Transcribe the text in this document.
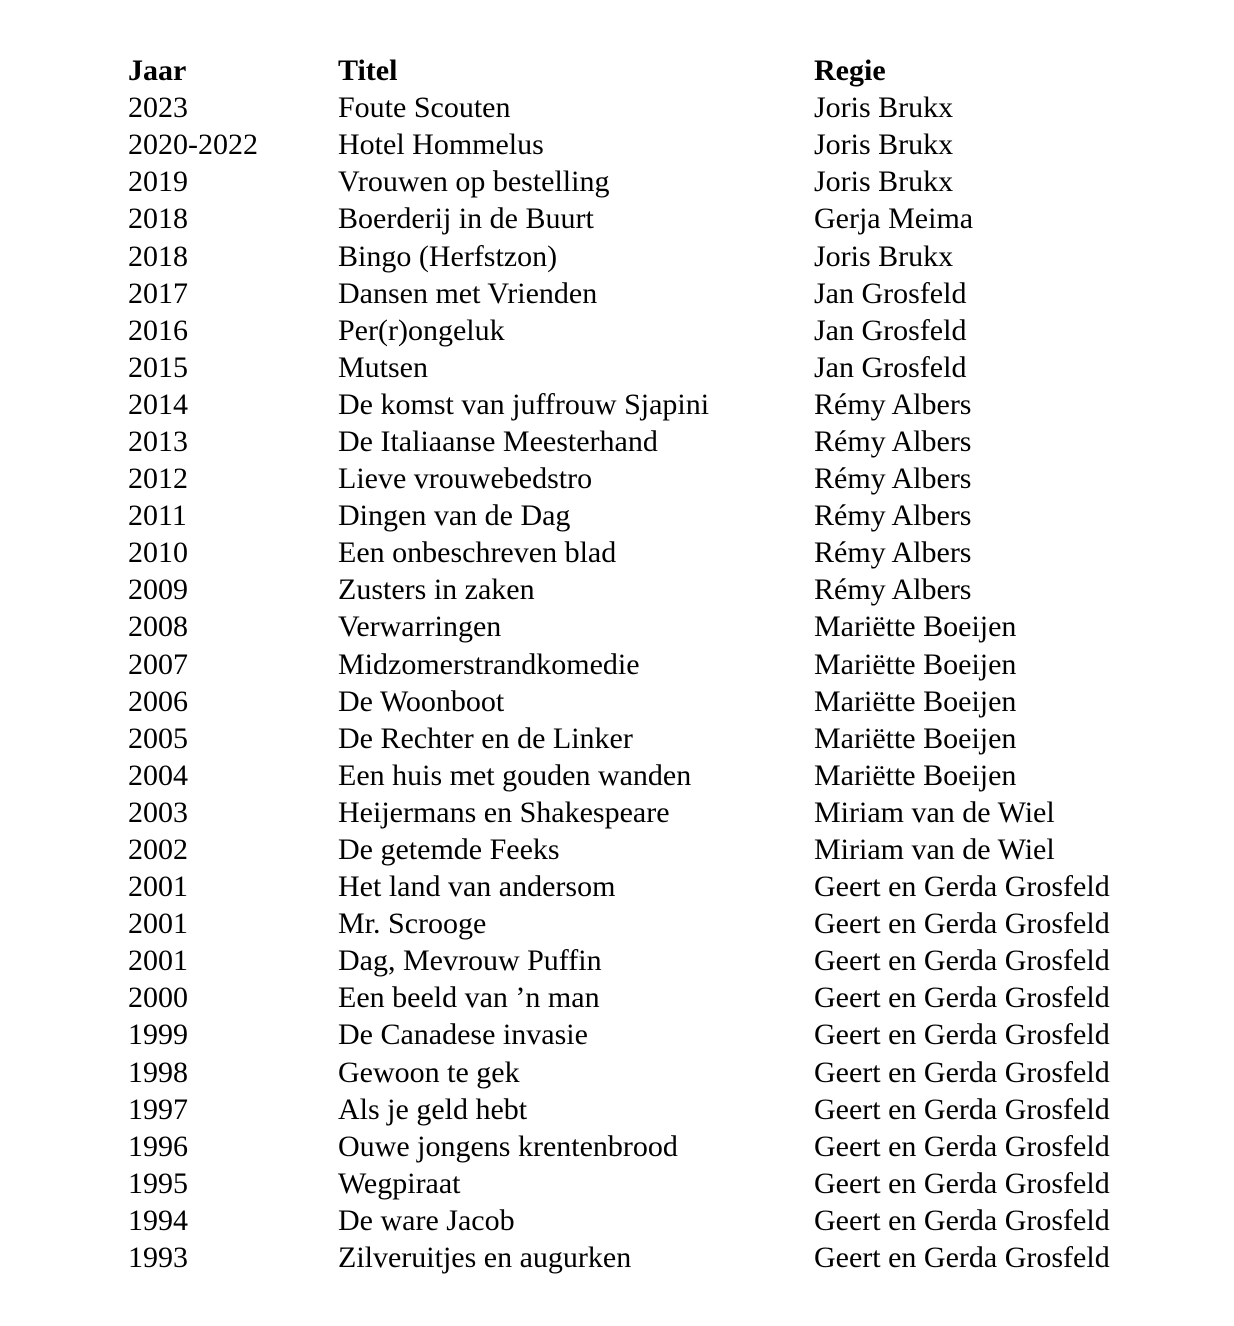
Jaar	Titel	Regie
2023	Foute Scouten	Joris Brukx
2020-2022	Hotel Hommelus	Joris Brukx
2019	Vrouwen op bestelling	Joris Brukx
2018	Boerderij in de Buurt	Gerja Meima
2018	Bingo (Herfstzon)	Joris Brukx
2017	Dansen met Vrienden	Jan Grosfeld
2016	Per(r)ongeluk	Jan Grosfeld
2015	Mutsen	Jan Grosfeld
2014	De komst van juffrouw Sjapini	Rémy Albers
2013	De Italiaanse Meesterhand	Rémy Albers
2012	Lieve vrouwebedstro	Rémy Albers
2011	Dingen van de Dag	Rémy Albers
2010	Een onbeschreven blad	Rémy Albers
2009	Zusters in zaken	Rémy Albers
2008	Verwarringen	Mariëtte Boeijen
2007	Midzomerstrandkomedie	Mariëtte Boeijen
2006	De Woonboot	Mariëtte Boeijen
2005	De Rechter en de Linker	Mariëtte Boeijen
2004	Een huis met gouden wanden	Mariëtte Boeijen
2003	Heijermans en Shakespeare	Miriam van de Wiel
2002	De getemde Feeks	Miriam van de Wiel
2001	Het land van andersom	Geert en Gerda Grosfeld
2001	Mr. Scrooge	Geert en Gerda Grosfeld
2001	Dag, Mevrouw Puffin	Geert en Gerda Grosfeld
2000	Een beeld van ’n man	Geert en Gerda Grosfeld
1999	De Canadese invasie	Geert en Gerda Grosfeld
1998	Gewoon te gek	Geert en Gerda Grosfeld
1997	Als je geld hebt	Geert en Gerda Grosfeld
1996	Ouwe jongens krentenbrood	Geert en Gerda Grosfeld
1995	Wegpiraat	Geert en Gerda Grosfeld
1994	De ware Jacob	Geert en Gerda Grosfeld
1993	Zilveruitjes en augurken	Geert en Gerda Grosfeld
